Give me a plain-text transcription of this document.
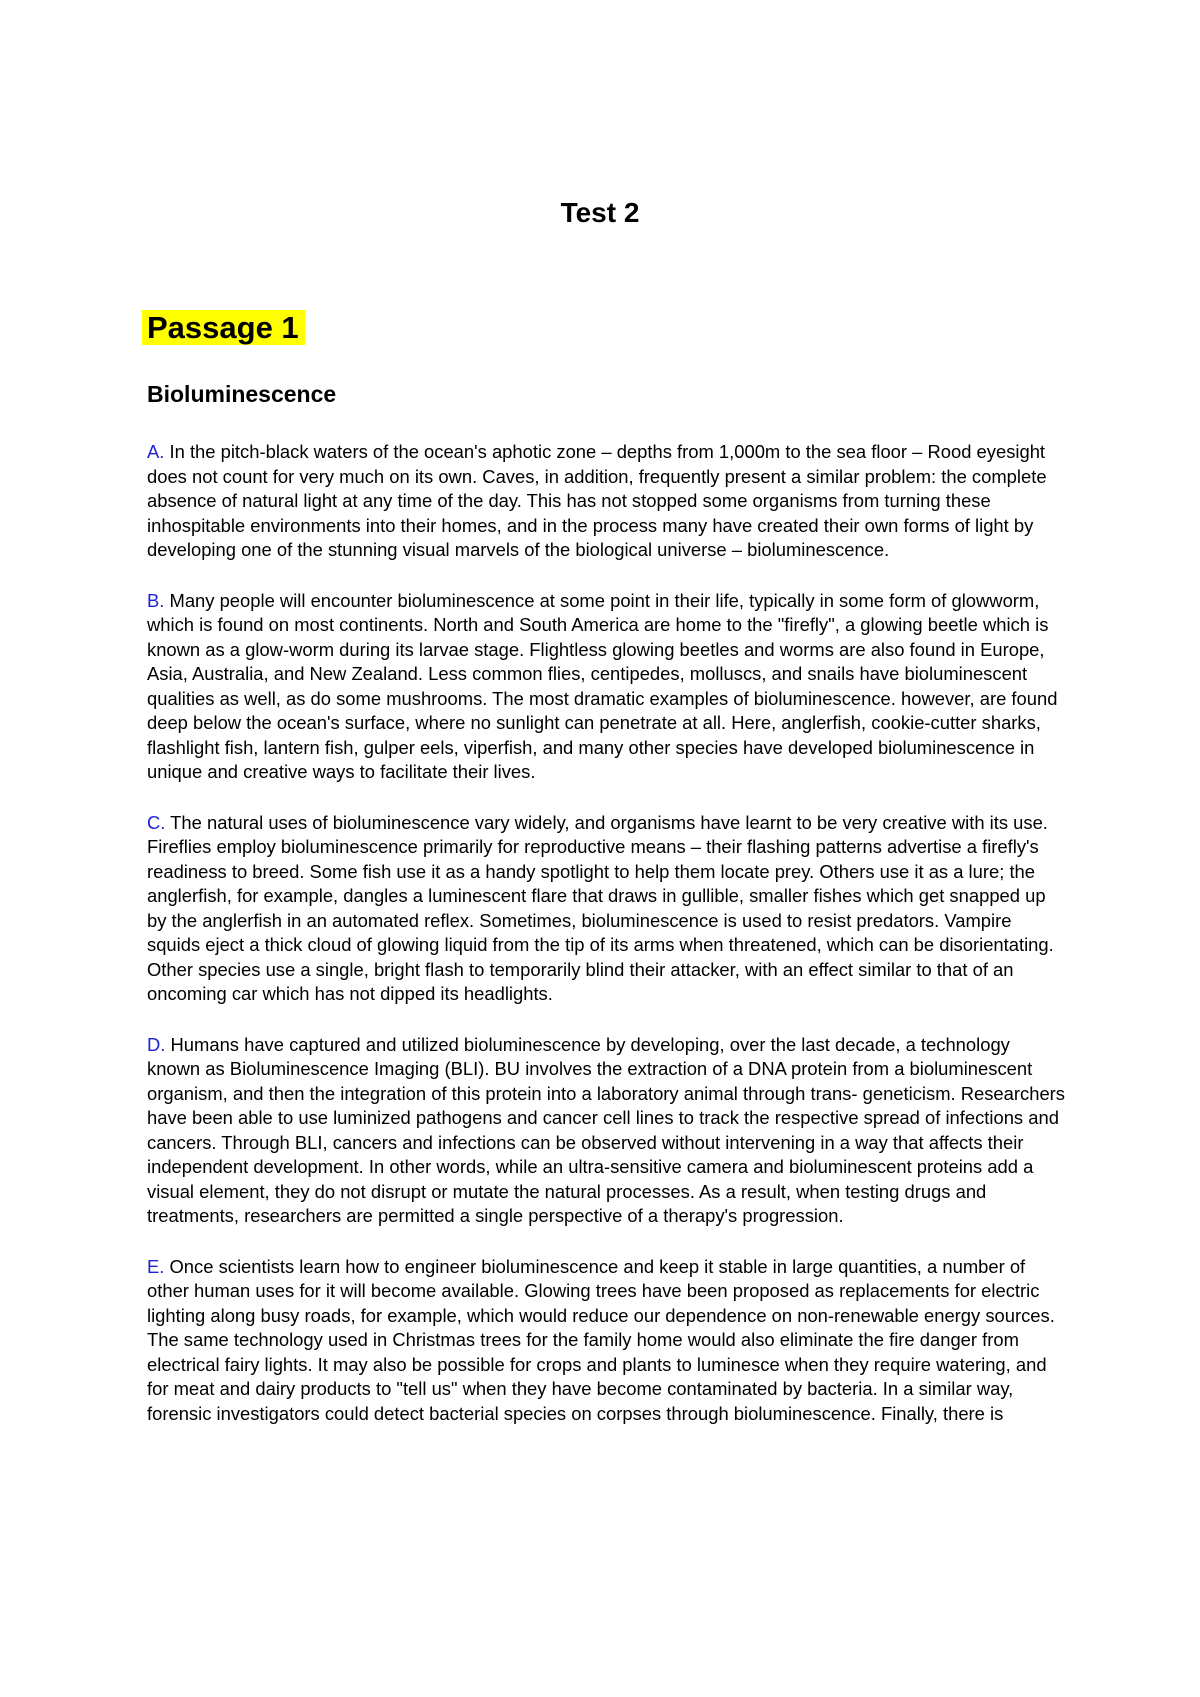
Test 2
Passage 1
Bioluminescence

A. In the pitch-black waters of the ocean's aphotic zone – depths from 1,000m to the sea floor – Rood eyesight does not count for very much on its own. Caves, in addition, frequently present a similar problem: the complete absence of natural light at any time of the day. This has not stopped some organisms from turning these inhospitable environments into their homes, and in the process many have created their own forms of light by developing one of the stunning visual marvels of the biological universe – bioluminescence.

B. Many people will encounter bioluminescence at some point in their life, typically in some form of glowworm, which is found on most continents. North and South America are home to the "firefly", a glowing beetle which is known as a glow-worm during its larvae stage. Flightless glowing beetles and worms are also found in Europe, Asia, Australia, and New Zealand. Less common flies, centipedes, molluscs, and snails have bioluminescent qualities as well, as do some mushrooms. The most dramatic examples of bioluminescence. however, are found deep below the ocean's surface, where no sunlight can penetrate at all. Here, anglerfish, cookie-cutter sharks, flashlight fish, lantern fish, gulper eels, viperfish, and many other species have developed bioluminescence in unique and creative ways to facilitate their lives.

C. The natural uses of bioluminescence vary widely, and organisms have learnt to be very creative with its use. Fireflies employ bioluminescence primarily for reproductive means – their flashing patterns advertise a firefly's readiness to breed. Some fish use it as a handy spotlight to help them locate prey. Others use it as a lure; the anglerfish, for example, dangles a luminescent flare that draws in gullible, smaller fishes which get snapped up by the anglerfish in an automated reflex. Sometimes, bioluminescence is used to resist predators. Vampire squids eject a thick cloud of glowing liquid from the tip of its arms when threatened, which can be disorientating. Other species use a single, bright flash to temporarily blind their attacker, with an effect similar to that of an oncoming car which has not dipped its headlights.

D. Humans have captured and utilized bioluminescence by developing, over the last decade, a technology known as Bioluminescence Imaging (BLI). BU involves the extraction of a DNA protein from a bioluminescent organism, and then the integration of this protein into a laboratory animal through trans- geneticism. Researchers have been able to use luminized pathogens and cancer cell lines to track the respective spread of infections and cancers. Through BLI, cancers and infections can be observed without intervening in a way that affects their independent development. In other words, while an ultra-sensitive camera and bioluminescent proteins add a visual element, they do not disrupt or mutate the natural processes. As a result, when testing drugs and treatments, researchers are permitted a single perspective of a therapy's progression.

E. Once scientists learn how to engineer bioluminescence and keep it stable in large quantities, a number of other human uses for it will become available. Glowing trees have been proposed as replacements for electric lighting along busy roads, for example, which would reduce our dependence on non-renewable energy sources. The same technology used in Christmas trees for the family home would also eliminate the fire danger from electrical fairy lights. It may also be possible for crops and plants to luminesce when they require watering, and for meat and dairy products to "tell us" when they have become contaminated by bacteria. In a similar way, forensic investigators could detect bacterial species on corpses through bioluminescence. Finally, there is
